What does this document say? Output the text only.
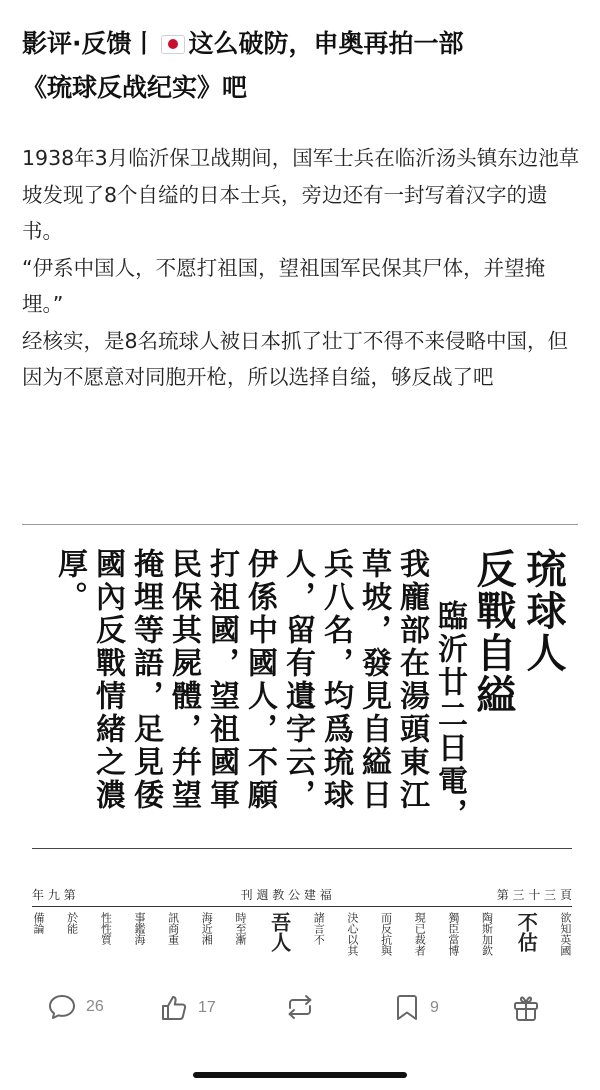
影评·反馈丨 这么破防，申奥再拍一部
《琉球反战纪实》吧

1938年3月临沂保卫战期间，国军士兵在临沂汤头镇东边池草坡发现了8个自缢的日本士兵，旁边还有一封写着汉字的遗书。

“伊系中国人，不愿打祖国，望祖国军民保其尸体，并望掩埋。”

经核实，是8名琉球人被日本抓了壮丁不得不来侵略中国，但因为不愿意对同胞开枪，所以选择自缢，够反战了吧

琉球人
反戰自縊
臨沂廿二日電，
我龐部在湯頭東江
草坡，發見自縊日
兵八名，均爲琉球
人，留有遺字云，
伊係中國人，不願
打祖國，望祖國軍
民保其屍體，幷望
掩埋等語，足見倭
國內反戰情緒之濃
厚。
年 九 第	刊 週 教 公 建 福	第 三 十 三 頁
欲知英國
不估
陶斯加欽
獨臣當博
現已裁者
而反抗與
決心以其
諸言不
吾人
時至漸
海近湘
訊商重
事鑑海
性性質
於能
備論
26	17	9
